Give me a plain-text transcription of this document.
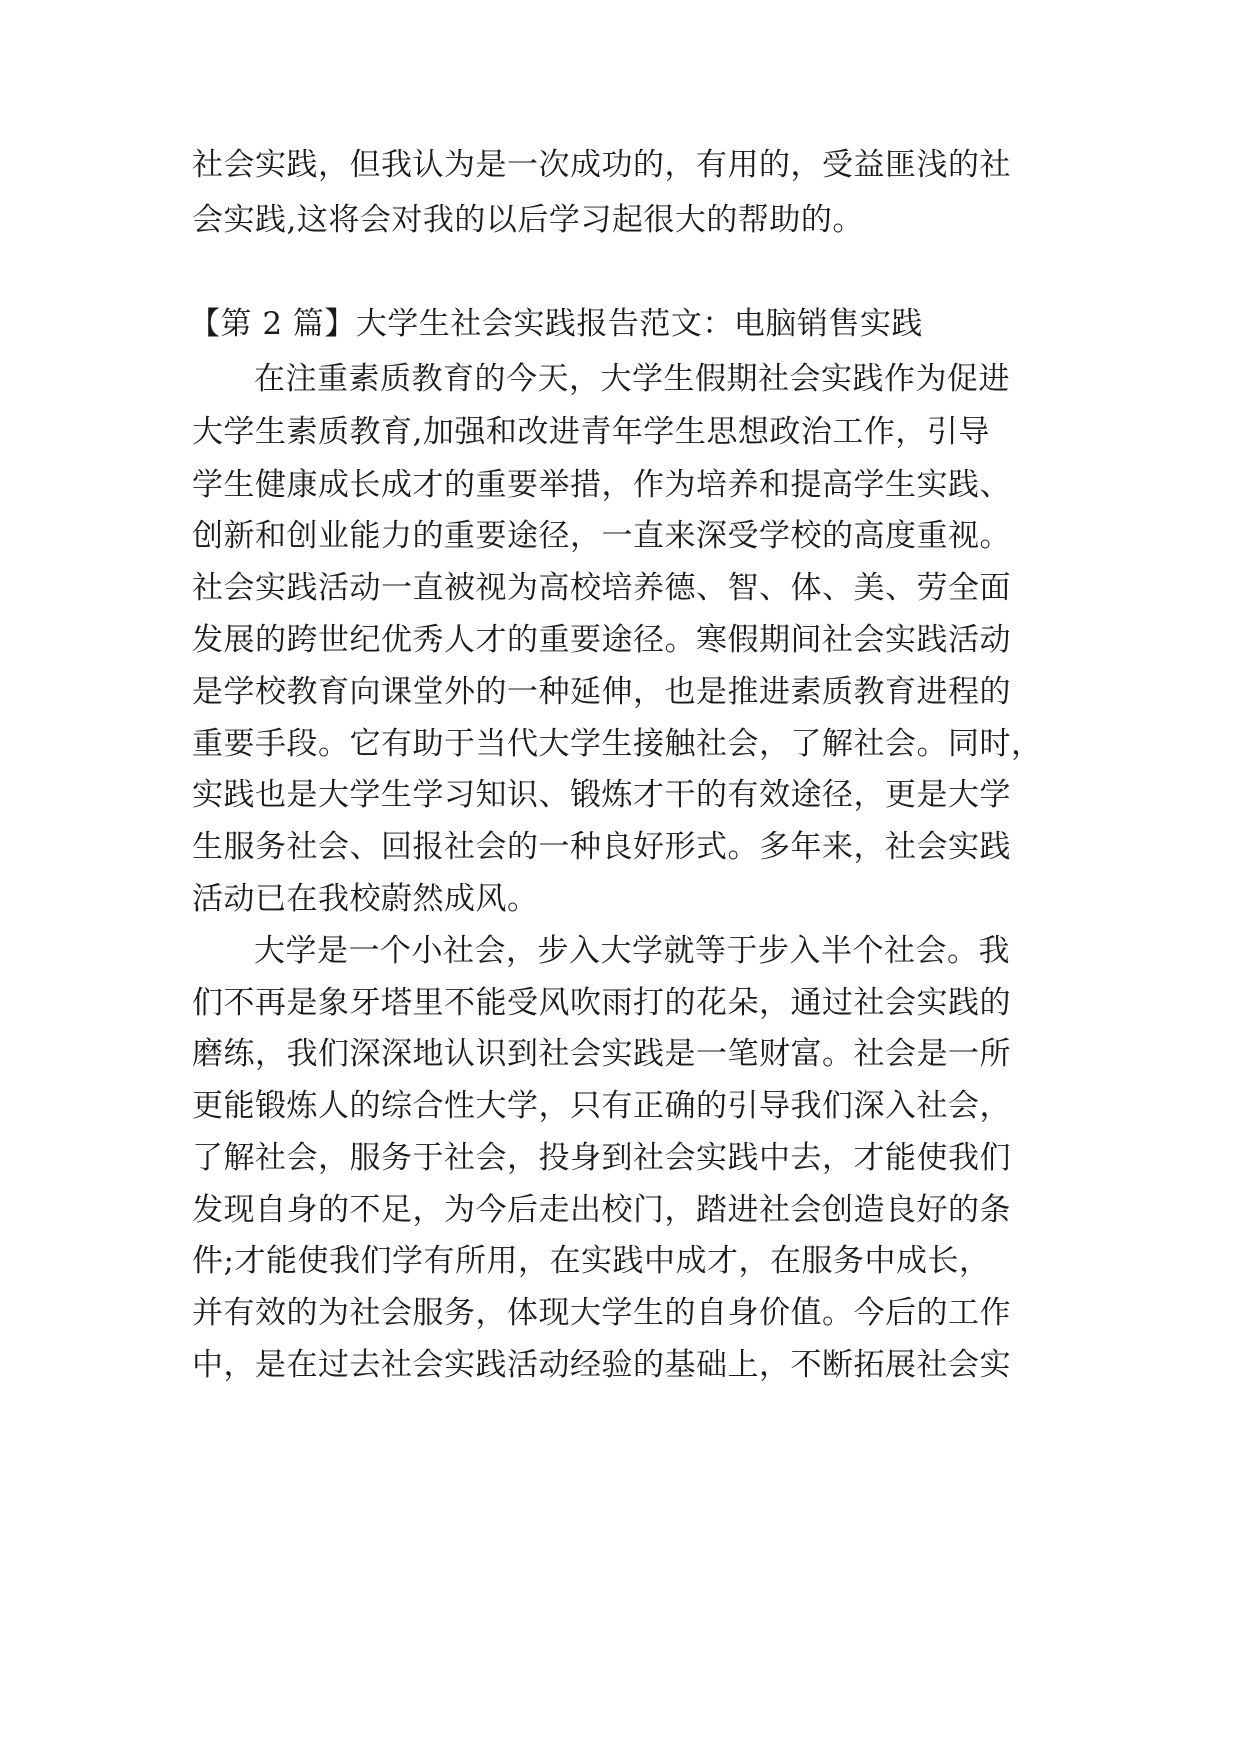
社会实践，但我认为是一次成功的，有用的，受益匪浅的社
会实践,这将会对我的以后学习起很大的帮助的。
【第 2 篇】大学生社会实践报告范文：电脑销售实践
在注重素质教育的今天，大学生假期社会实践作为促进
大学生素质教育,加强和改进青年学生思想政治工作，引导
学生健康成长成才的重要举措，作为培养和提高学生实践、
创新和创业能力的重要途径，一直来深受学校的高度重视。
社会实践活动一直被视为高校培养德、智、体、美、劳全面
发展的跨世纪优秀人才的重要途径。寒假期间社会实践活动
是学校教育向课堂外的一种延伸，也是推进素质教育进程的
重要手段。它有助于当代大学生接触社会，了解社会。同时，
实践也是大学生学习知识、锻炼才干的有效途径，更是大学
生服务社会、回报社会的一种良好形式。多年来，社会实践
活动已在我校蔚然成风。
大学是一个小社会，步入大学就等于步入半个社会。我
们不再是象牙塔里不能受风吹雨打的花朵，通过社会实践的
磨练，我们深深地认识到社会实践是一笔财富。社会是一所
更能锻炼人的综合性大学，只有正确的引导我们深入社会，
了解社会，服务于社会，投身到社会实践中去，才能使我们
发现自身的不足，为今后走出校门，踏进社会创造良好的条
件;才能使我们学有所用，在实践中成才，在服务中成长，
并有效的为社会服务，体现大学生的自身价值。今后的工作
中，是在过去社会实践活动经验的基础上，不断拓展社会实
